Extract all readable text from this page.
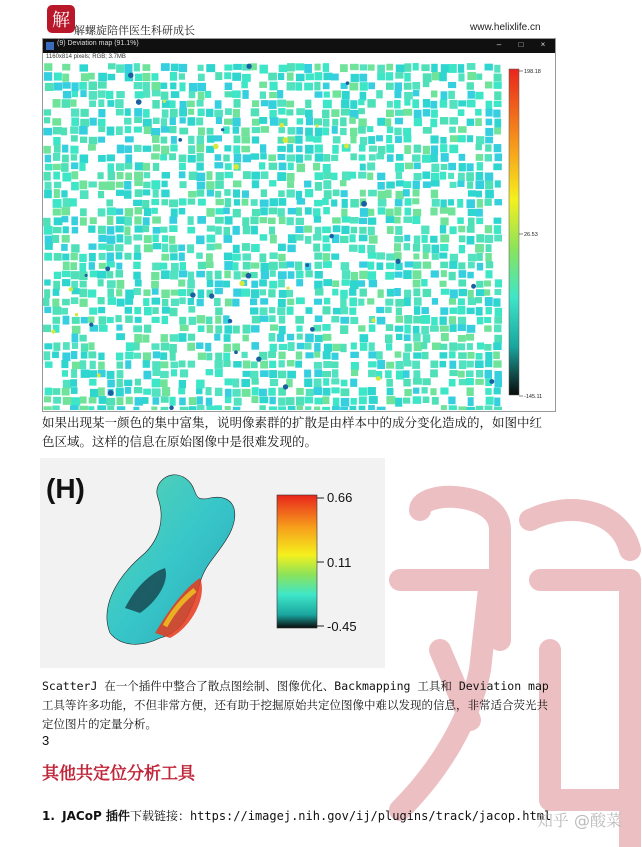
解 解螺旋陪伴医生科研成长	www.helixlife.cn
(9) Deviation map (91.1%)	–	□	×
1160x814 pixels; RGB; 3.7MB
198.18
26.53
-145.11
如果出现某一颜色的集中富集，说明像素群的扩散是由样本中的成分变化造成的，如图中红色区域。这样的信息在原始图像中是很难发现的。
(H)	0.66
0.11
-0.45
ScatterJ 在一个插件中整合了散点图绘制、图像优化、Backmapping 工具和 Deviation map 工具等许多功能，不但非常方便，还有助于挖掘原始共定位图像中难以发现的信息，非常适合荧光共定位图片的定量分析。
3
其他共定位分析工具
1. JACoP 插件下载链接：https://imagej.nih.gov/ij/plugins/track/jacop.html
知乎 @酸菜
